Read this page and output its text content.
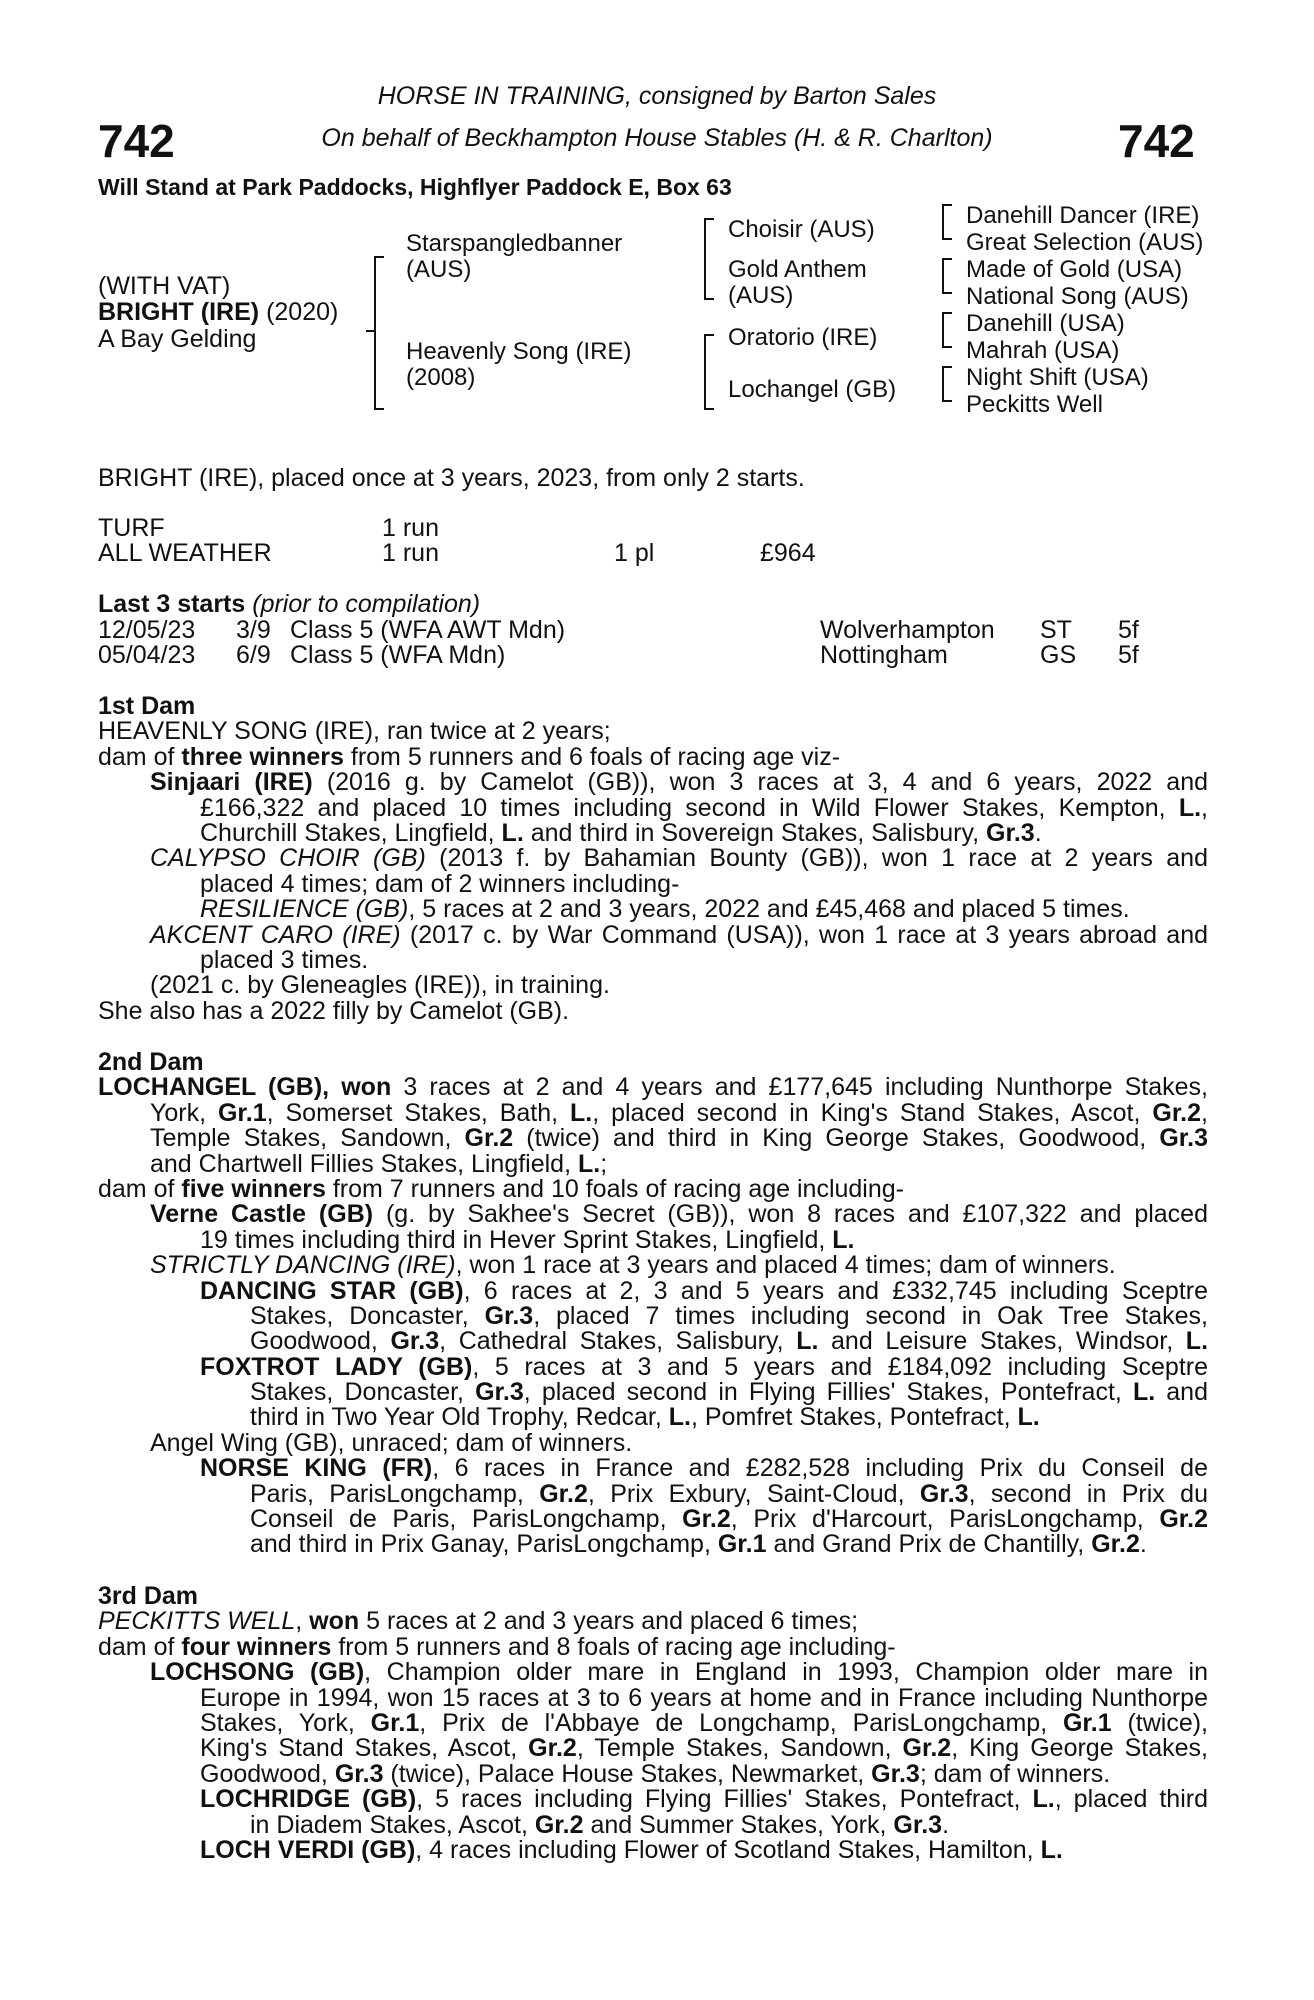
HORSE IN TRAINING, consigned by Barton Sales
On behalf of Beckhampton House Stables (H. & R. Charlton)
742	742
Will Stand at Park Paddocks, Highflyer Paddock E, Box 63
(WITH VAT)
BRIGHT (IRE) (2020)
A Bay Gelding
Starspangledbanner
(AUS)
Heavenly Song (IRE)
(2008)
Choisir (AUS)
Gold Anthem
(AUS)
Oratorio (IRE)
Lochangel (GB)
Danehill Dancer (IRE)
Great Selection (AUS)
Made of Gold (USA)
National Song (AUS)
Danehill (USA)
Mahrah (USA)
Night Shift (USA)
Peckitts Well
BRIGHT (IRE), placed once at 3 years, 2023, from only 2 starts.
TURF	1 run
ALL WEATHER	1 run	1 pl	£964
Last 3 starts (prior to compilation)
12/05/23 3/9 Class 5 (WFA AWT Mdn)	Wolverhampton ST 5f
05/04/23 6/9 Class 5 (WFA Mdn)	Nottingham	GS 5f
1st Dam
HEAVENLY SONG (IRE), ran twice at 2 years;
dam of three winners from 5 runners and 6 foals of racing age viz-
Sinjaari (IRE) (2016 g. by Camelot (GB)), won 3 races at 3, 4 and 6 years, 2022 and
£166,322 and placed 10 times including second in Wild Flower Stakes, Kempton, L.,
Churchill Stakes, Lingfield, L. and third in Sovereign Stakes, Salisbury, Gr.3.
CALYPSO CHOIR (GB) (2013 f. by Bahamian Bounty (GB)), won 1 race at 2 years and
placed 4 times; dam of 2 winners including-
RESILIENCE (GB), 5 races at 2 and 3 years, 2022 and £45,468 and placed 5 times.
AKCENT CARO (IRE) (2017 c. by War Command (USA)), won 1 race at 3 years abroad and
placed 3 times.
(2021 c. by Gleneagles (IRE)), in training.
She also has a 2022 filly by Camelot (GB).
2nd Dam
LOCHANGEL (GB), won 3 races at 2 and 4 years and £177,645 including Nunthorpe Stakes,
York, Gr.1, Somerset Stakes, Bath, L., placed second in King's Stand Stakes, Ascot, Gr.2,
Temple Stakes, Sandown, Gr.2 (twice) and third in King George Stakes, Goodwood, Gr.3
and Chartwell Fillies Stakes, Lingfield, L.;
dam of five winners from 7 runners and 10 foals of racing age including-
Verne Castle (GB) (g. by Sakhee's Secret (GB)), won 8 races and £107,322 and placed
19 times including third in Hever Sprint Stakes, Lingfield, L.
STRICTLY DANCING (IRE), won 1 race at 3 years and placed 4 times; dam of winners.
DANCING STAR (GB), 6 races at 2, 3 and 5 years and £332,745 including Sceptre
Stakes, Doncaster, Gr.3, placed 7 times including second in Oak Tree Stakes,
Goodwood, Gr.3, Cathedral Stakes, Salisbury, L. and Leisure Stakes, Windsor, L.
FOXTROT LADY (GB), 5 races at 3 and 5 years and £184,092 including Sceptre
Stakes, Doncaster, Gr.3, placed second in Flying Fillies' Stakes, Pontefract, L. and
third in Two Year Old Trophy, Redcar, L., Pomfret Stakes, Pontefract, L.
Angel Wing (GB), unraced; dam of winners.
NORSE KING (FR), 6 races in France and £282,528 including Prix du Conseil de
Paris, ParisLongchamp, Gr.2, Prix Exbury, Saint-Cloud, Gr.3, second in Prix du
Conseil de Paris, ParisLongchamp, Gr.2, Prix d'Harcourt, ParisLongchamp, Gr.2
and third in Prix Ganay, ParisLongchamp, Gr.1 and Grand Prix de Chantilly, Gr.2.
3rd Dam
PECKITTS WELL, won 5 races at 2 and 3 years and placed 6 times;
dam of four winners from 5 runners and 8 foals of racing age including-
LOCHSONG (GB), Champion older mare in England in 1993, Champion older mare in
Europe in 1994, won 15 races at 3 to 6 years at home and in France including Nunthorpe
Stakes, York, Gr.1, Prix de l'Abbaye de Longchamp, ParisLongchamp, Gr.1 (twice),
King's Stand Stakes, Ascot, Gr.2, Temple Stakes, Sandown, Gr.2, King George Stakes,
Goodwood, Gr.3 (twice), Palace House Stakes, Newmarket, Gr.3; dam of winners.
LOCHRIDGE (GB), 5 races including Flying Fillies' Stakes, Pontefract, L., placed third
in Diadem Stakes, Ascot, Gr.2 and Summer Stakes, York, Gr.3.
LOCH VERDI (GB), 4 races including Flower of Scotland Stakes, Hamilton, L.
